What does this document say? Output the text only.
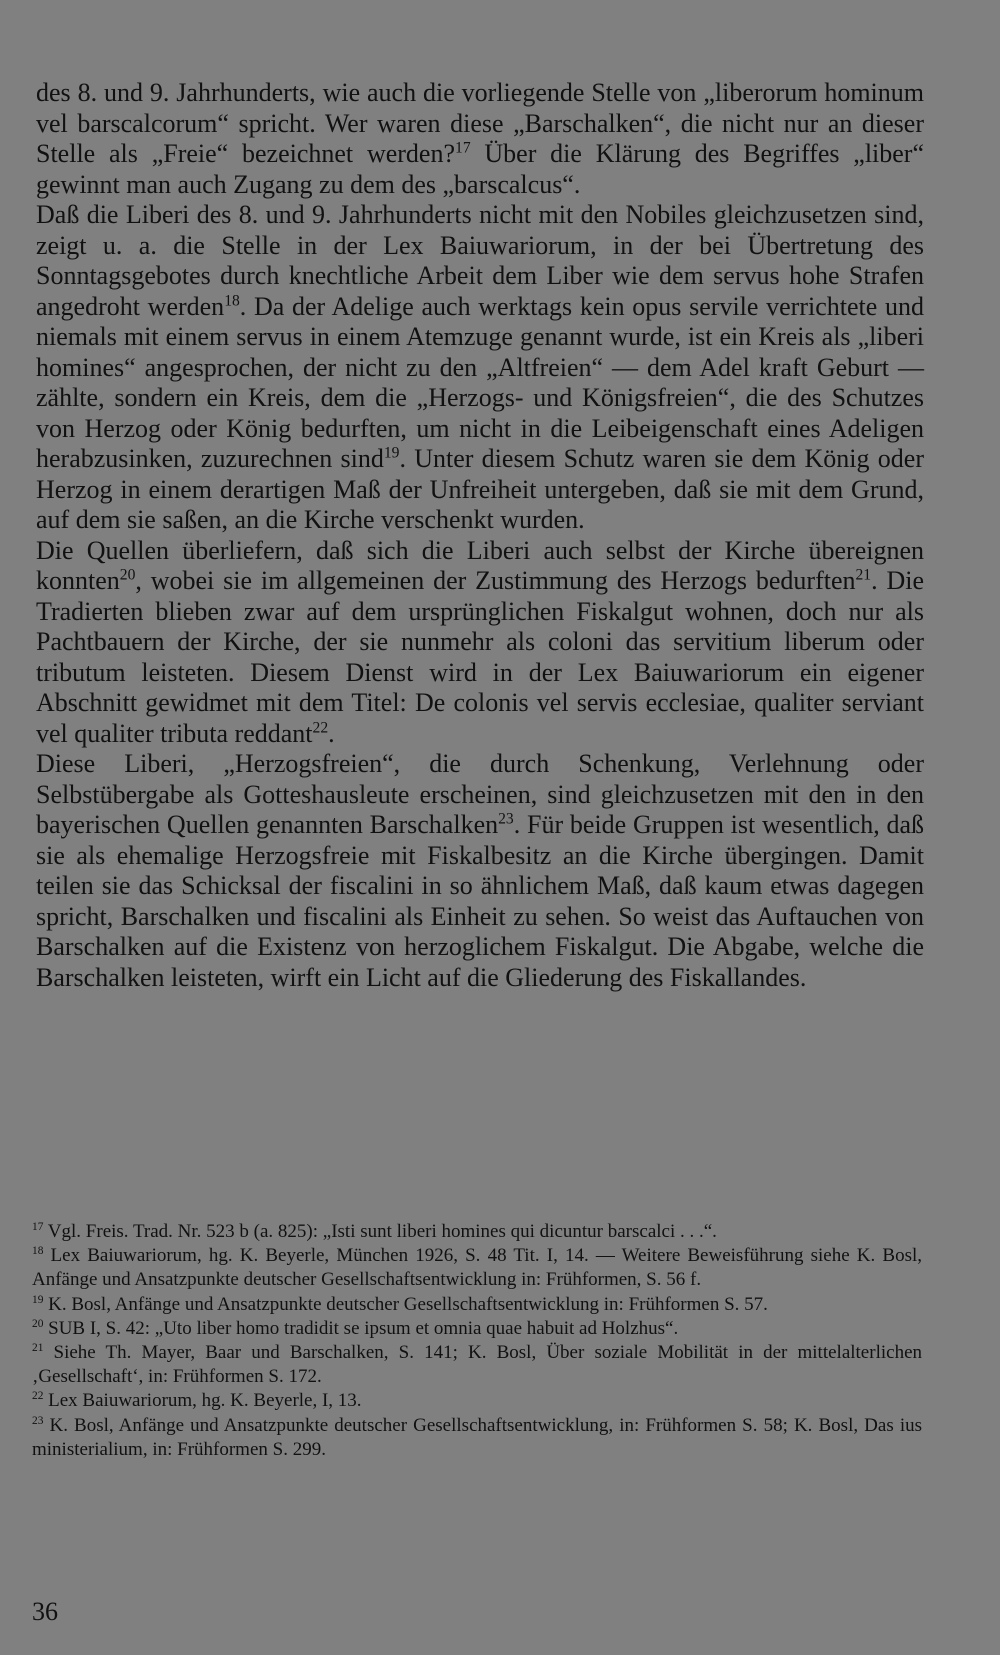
des 8. und 9. Jahrhunderts, wie auch die vorliegende Stelle von „liberorum hominum vel barscalcorum“ spricht. Wer waren diese „Barschalken“, die nicht nur an dieser Stelle als „Freie“ bezeichnet werden?$^{17}$ Über die Klärung des Begriffes „liber“ gewinnt man auch Zugang zu dem des „barscalcus“.

Daß die Liberi des 8. und 9. Jahrhunderts nicht mit den Nobiles gleichzusetzen sind, zeigt u. a. die Stelle in der Lex Baiuwariorum, in der bei Übertretung des Sonntagsgebotes durch knechtliche Arbeit dem Liber wie dem servus hohe Strafen angedroht werden$^{18}$. Da der Adelige auch werktags kein opus servile verrichtete und niemals mit einem servus in einem Atemzuge genannt wurde, ist ein Kreis als „liberi homines“ angesprochen, der nicht zu den „Altfreien“ — dem Adel kraft Geburt — zählte, sondern ein Kreis, dem die „Herzogs- und Königsfreien“, die des Schutzes von Herzog oder König bedurften, um nicht in die Leibeigenschaft eines Adeligen herabzusinken, zuzurechnen sind$^{19}$. Unter diesem Schutz waren sie dem König oder Herzog in einem derartigen Maß der Unfreiheit untergeben, daß sie mit dem Grund, auf dem sie saßen, an die Kirche verschenkt wurden.

Die Quellen überliefern, daß sich die Liberi auch selbst der Kirche übereignen konnten$^{20}$, wobei sie im allgemeinen der Zustimmung des Herzogs bedurften$^{21}$. Die Tradierten blieben zwar auf dem ursprünglichen Fiskalgut wohnen, doch nur als Pachtbauern der Kirche, der sie nunmehr als coloni das servitium liberum oder tributum leisteten. Diesem Dienst wird in der Lex Baiuwariorum ein eigener Abschnitt gewidmet mit dem Titel: De colonis vel servis ecclesiae, qualiter serviant vel qualiter tributa reddant$^{22}$.

Diese Liberi, „Herzogsfreien“, die durch Schenkung, Verlehnung oder Selbstübergabe als Gotteshausleute erscheinen, sind gleichzusetzen mit den in den bayerischen Quellen genannten Barschalken$^{23}$. Für beide Gruppen ist wesentlich, daß sie als ehemalige Herzogsfreie mit Fiskalbesitz an die Kirche übergingen. Damit teilen sie das Schicksal der fiscalini in so ähnlichem Maß, daß kaum etwas dagegen spricht, Barschalken und fiscalini als Einheit zu sehen. So weist das Auftauchen von Barschalken auf die Existenz von herzoglichem Fiskalgut. Die Abgabe, welche die Barschalken leisteten, wirft ein Licht auf die Gliederung des Fiskallandes.

$^{17}$ Vgl. Freis. Trad. Nr. 523 b (a. 825): „Isti sunt liberi homines qui dicuntur barscalci . . .“.

$^{18}$ Lex Baiuwariorum, hg. K. Beyerle, München 1926, S. 48 Tit. I, 14. — Weitere Beweisführung siehe K. Bosl, Anfänge und Ansatzpunkte deutscher Gesellschaftsentwicklung in: Frühformen, S. 56 f.

$^{19}$ K. Bosl, Anfänge und Ansatzpunkte deutscher Gesellschaftsentwicklung in: Frühformen S. 57.

$^{20}$ SUB I, S. 42: „Uto liber homo tradidit se ipsum et omnia quae habuit ad Holzhus“.

$^{21}$ Siehe Th. Mayer, Baar und Barschalken, S. 141; K. Bosl, Über soziale Mobilität in der mittelalterlichen ‚Gesellschaft‘, in: Frühformen S. 172.

$^{22}$ Lex Baiuwariorum, hg. K. Beyerle, I, 13.

$^{23}$ K. Bosl, Anfänge und Ansatzpunkte deutscher Gesellschaftsentwicklung, in: Frühformen S. 58; K. Bosl, Das ius ministerialium, in: Frühformen S. 299.

36
